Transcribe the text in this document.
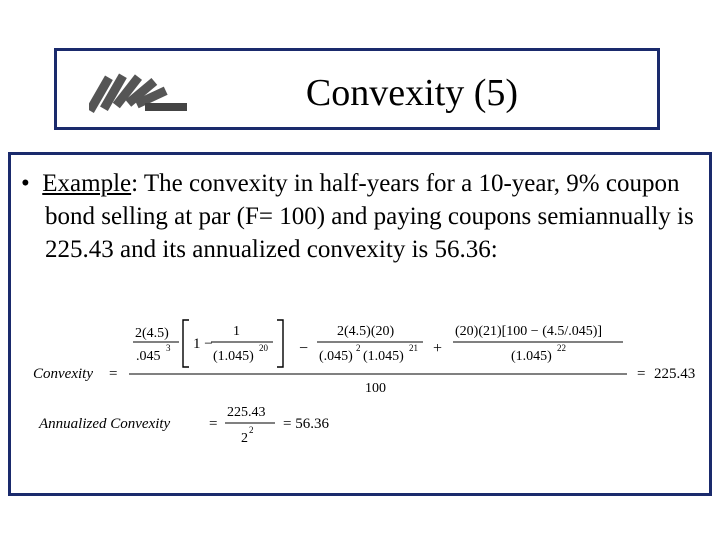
Convexity (5)
• Example: The convexity in half-years for a 10-year, 9% coupon bond selling at par (F= 100) and paying coupons semiannually is 225.43 and its annualized convexity is 56.36:
Convexity =
2(4.5)
.045
3 1 −
1
(1.045)
20 −
2(4.5)(20)
(.045)
2
(1.045)
21 +
(20)(21)[100 − (4.5/.045)]
(1.045)
22
100
= 225.43
Annualized Convexity	=
225.43
2
2 = 56.36
